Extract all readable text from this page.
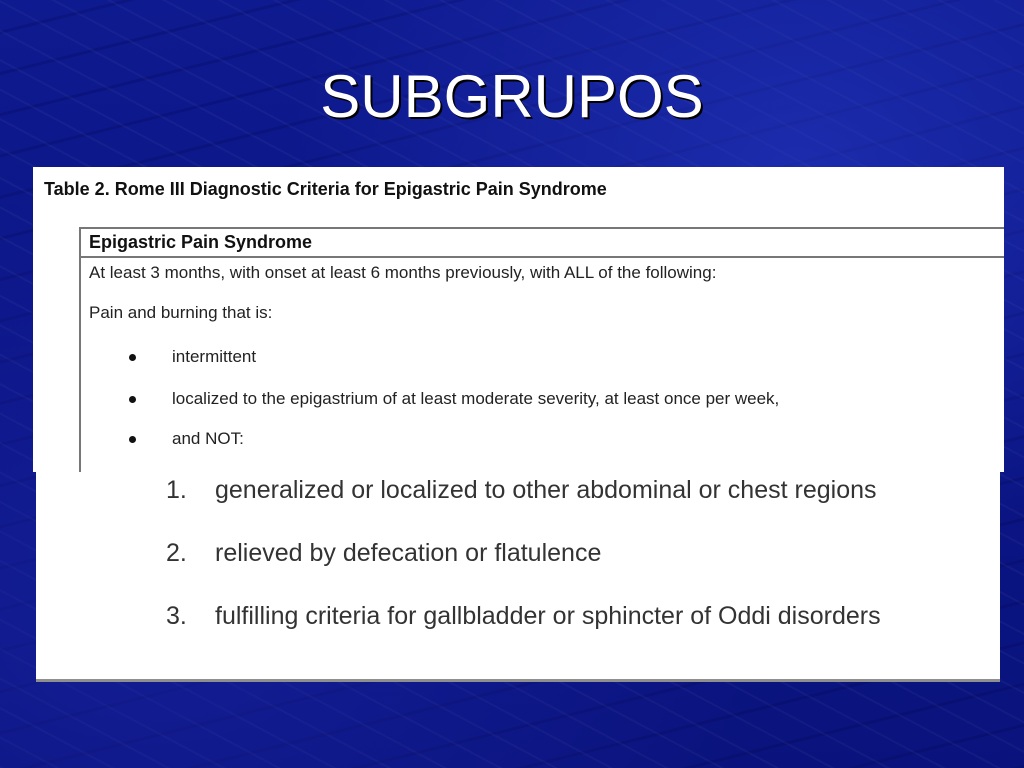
SUBGRUPOS
Table 2. Rome III Diagnostic Criteria for Epigastric Pain Syndrome
Epigastric Pain Syndrome
At least 3 months, with onset at least 6 months previously, with ALL of the following:
Pain and burning that is:
intermittent
localized to the epigastrium of at least moderate severity, at least once per week,
and NOT:
1. generalized or localized to other abdominal or chest regions
2. relieved by defecation or flatulence
3. fulfilling criteria for gallbladder or sphincter of Oddi disorders
